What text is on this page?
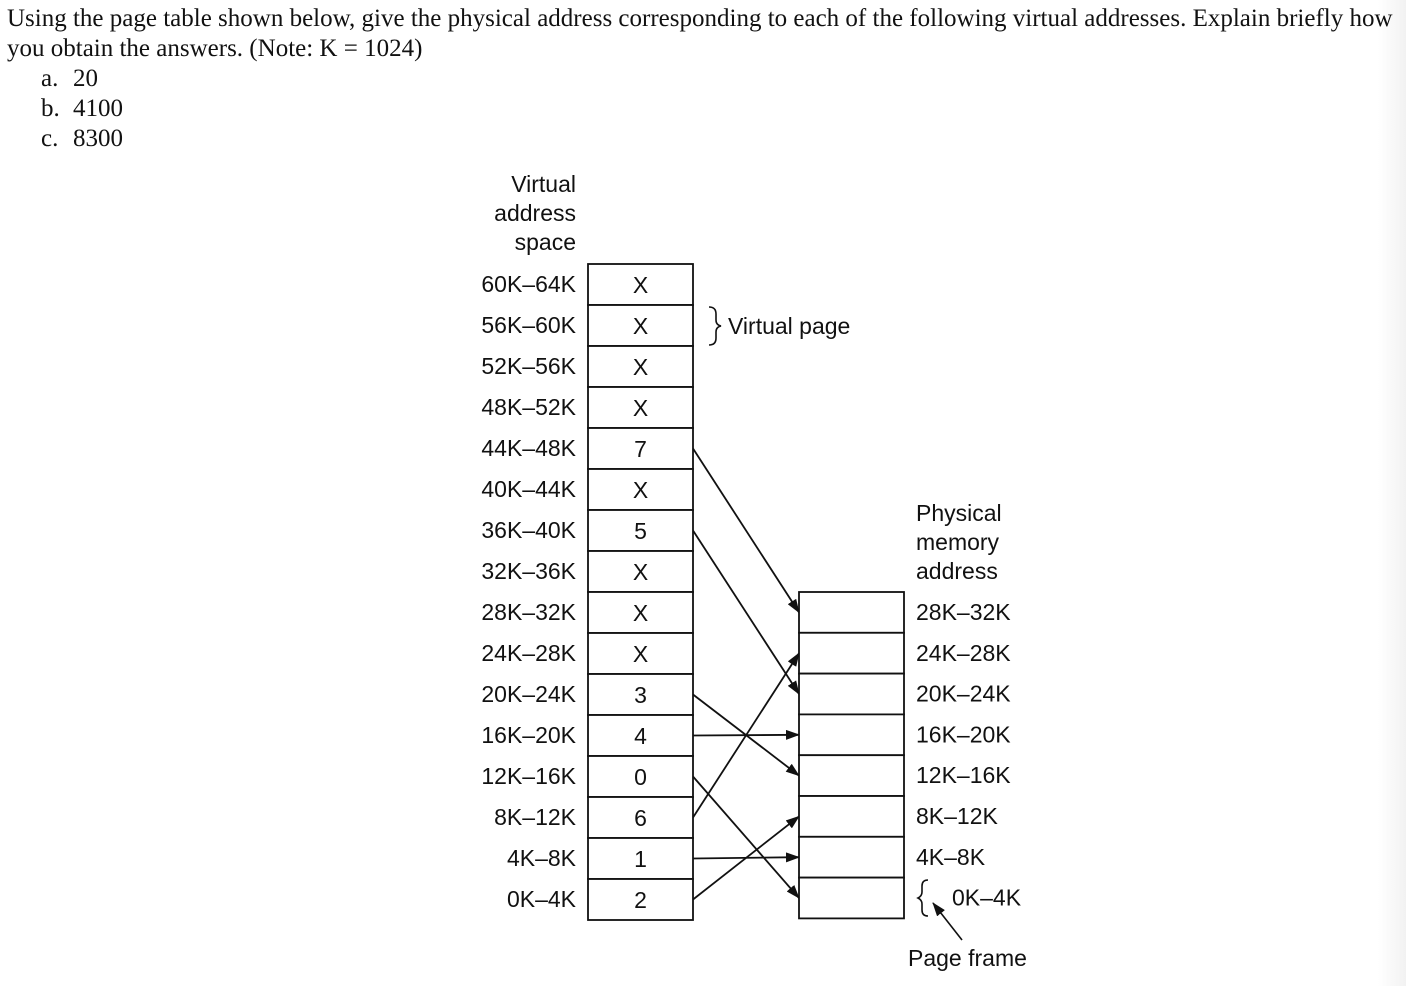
Using the page table shown below, give the physical address corresponding to each of the following virtual addresses. Explain briefly how you obtain the answers. (Note: K = 1024)

a. 20
b. 4100
c. 8300
Virtual
address
space
Physical
memory
address
Virtual page
Page frame
60K–64K X
56K–60K X
52K–56K X
48K–52K X
44K–48K	7
40K–44K X
36K–40K	5
32K–36K X
28K–32K X
24K–28K X
20K–24K	3
16K–20K	4
12K–16K	0
8K–12K	6
4K–8K	1
0K–4K	2
28K–32K
24K–28K
20K–24K
16K–20K
12K–16K
8K–12K
4K–8K
0K–4K
